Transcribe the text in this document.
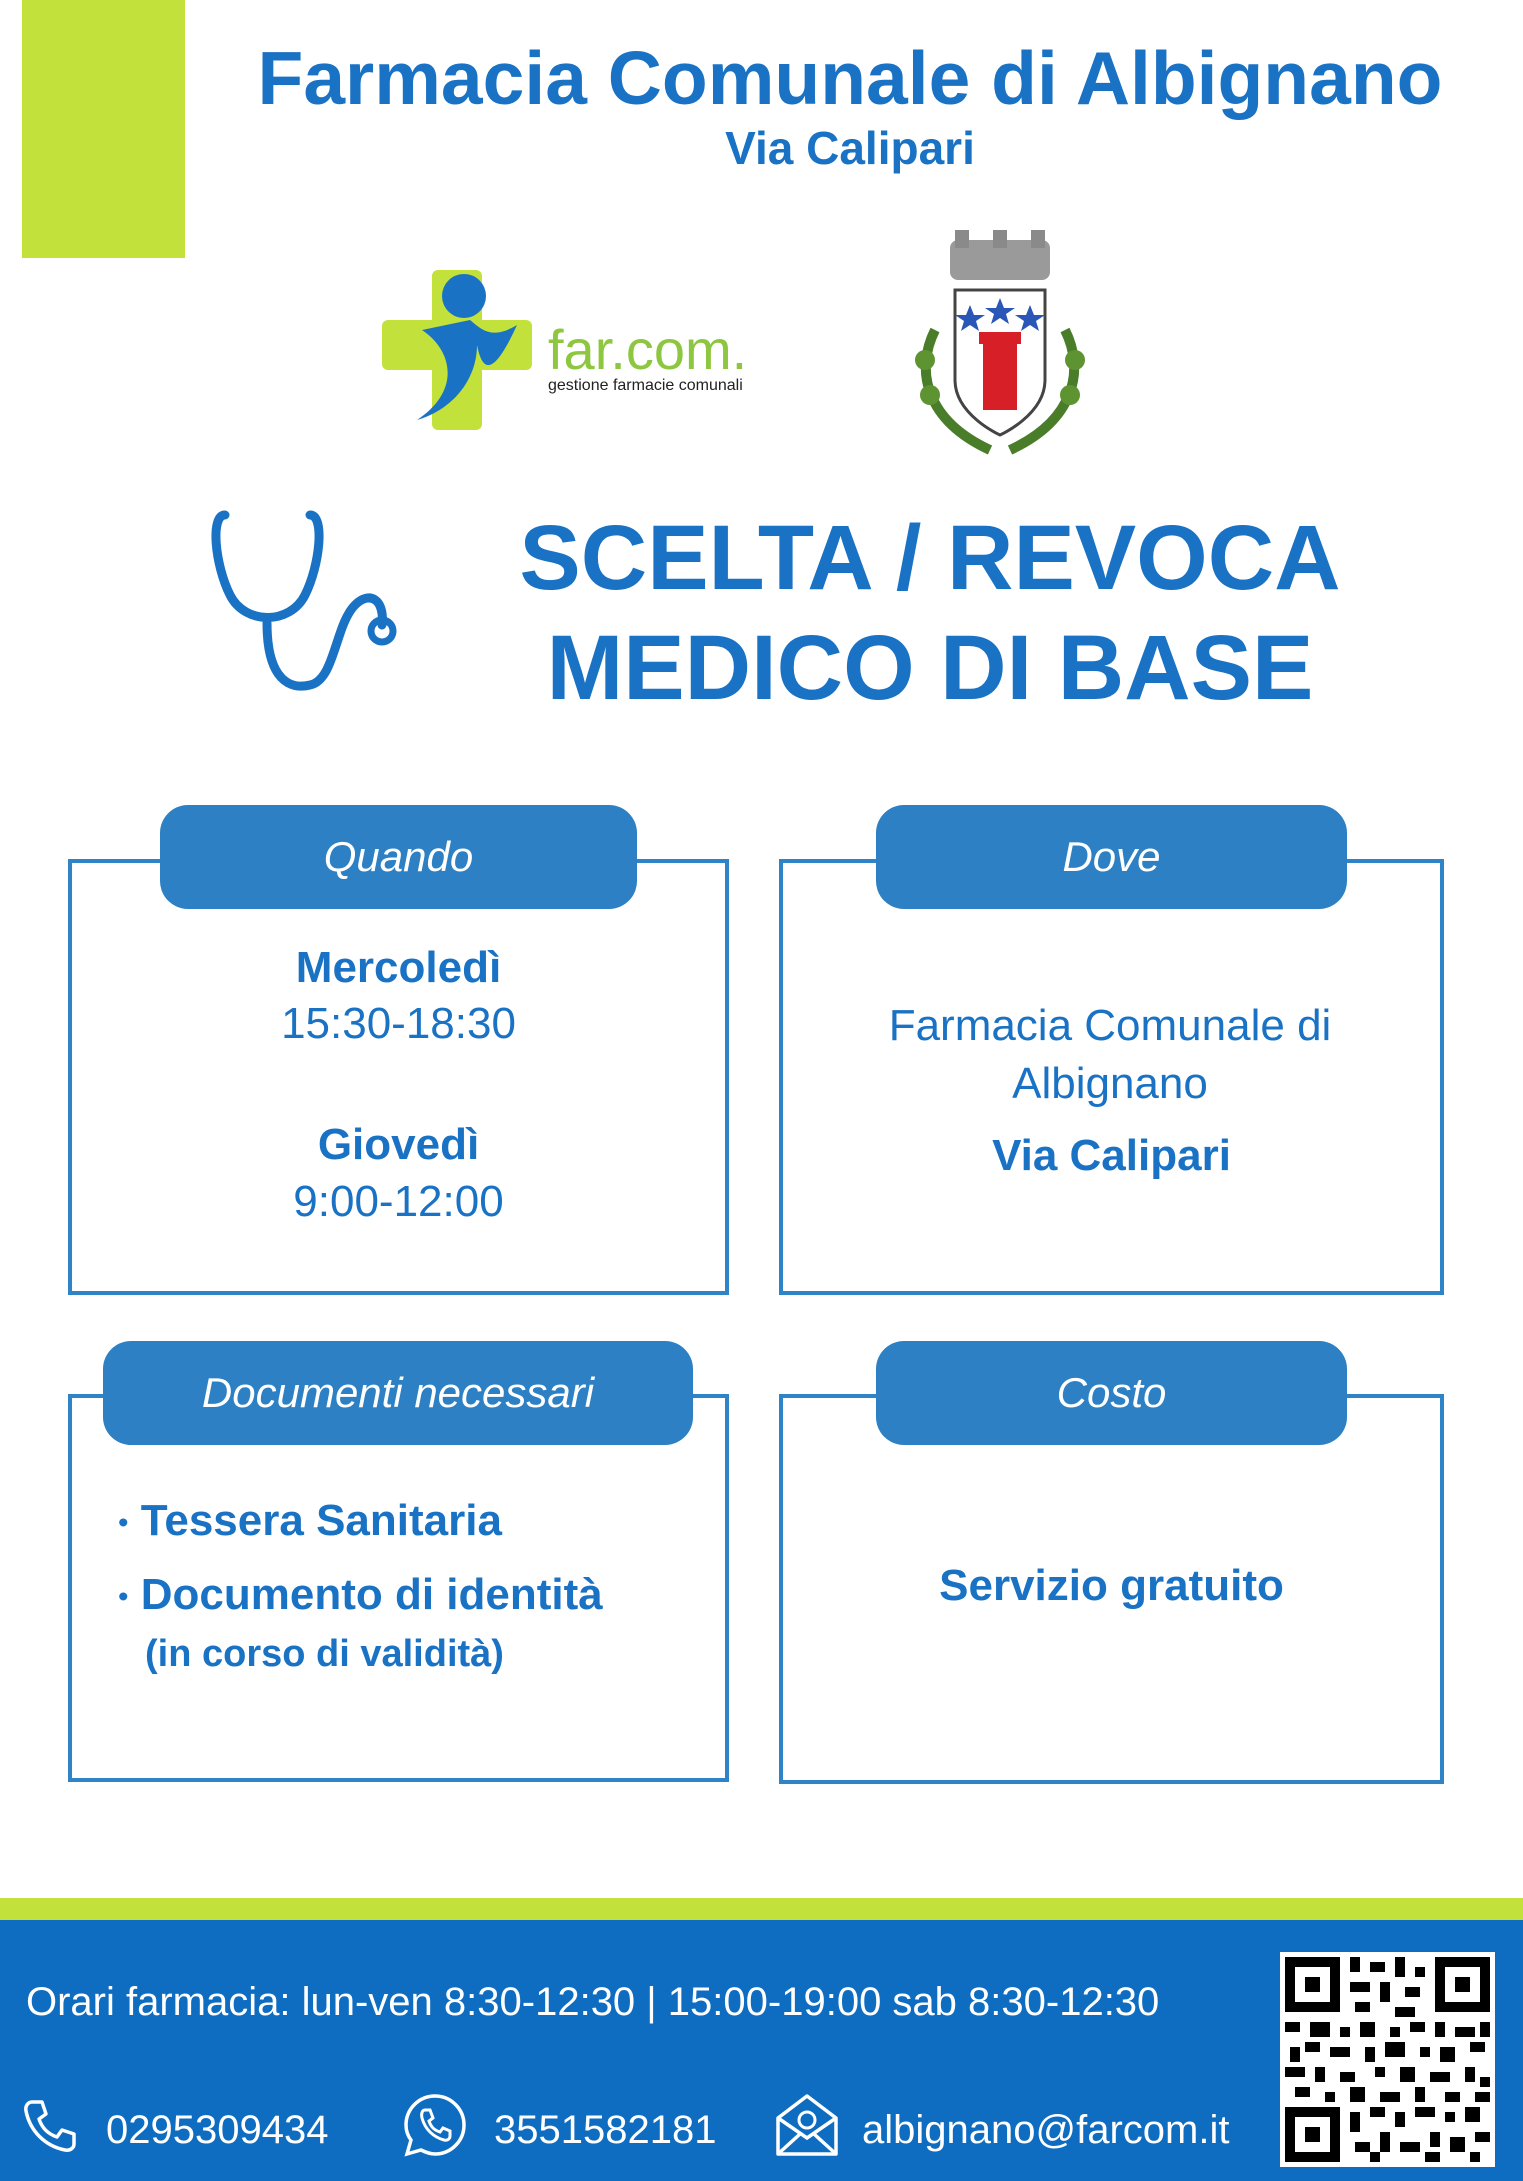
Farmacia Comunale di Albignano
Via Calipari
far.com.
gestione farmacie comunali
SCELTA / REVOCA
MEDICO DI BASE
Quando
Mercoledì
15:30-18:30
Giovedì
9:00-12:00
Dove
Farmacia Comunale di Albignano
Via Calipari
Documenti necessari
• Tessera Sanitaria
• Documento di identità
(in corso di validità)
Costo
Servizio gratuito
Orari farmacia: lun-ven 8:30-12:30 | 15:00-19:00 sab 8:30-12:30
0295309434	3551582181	albignano@farcom.it
